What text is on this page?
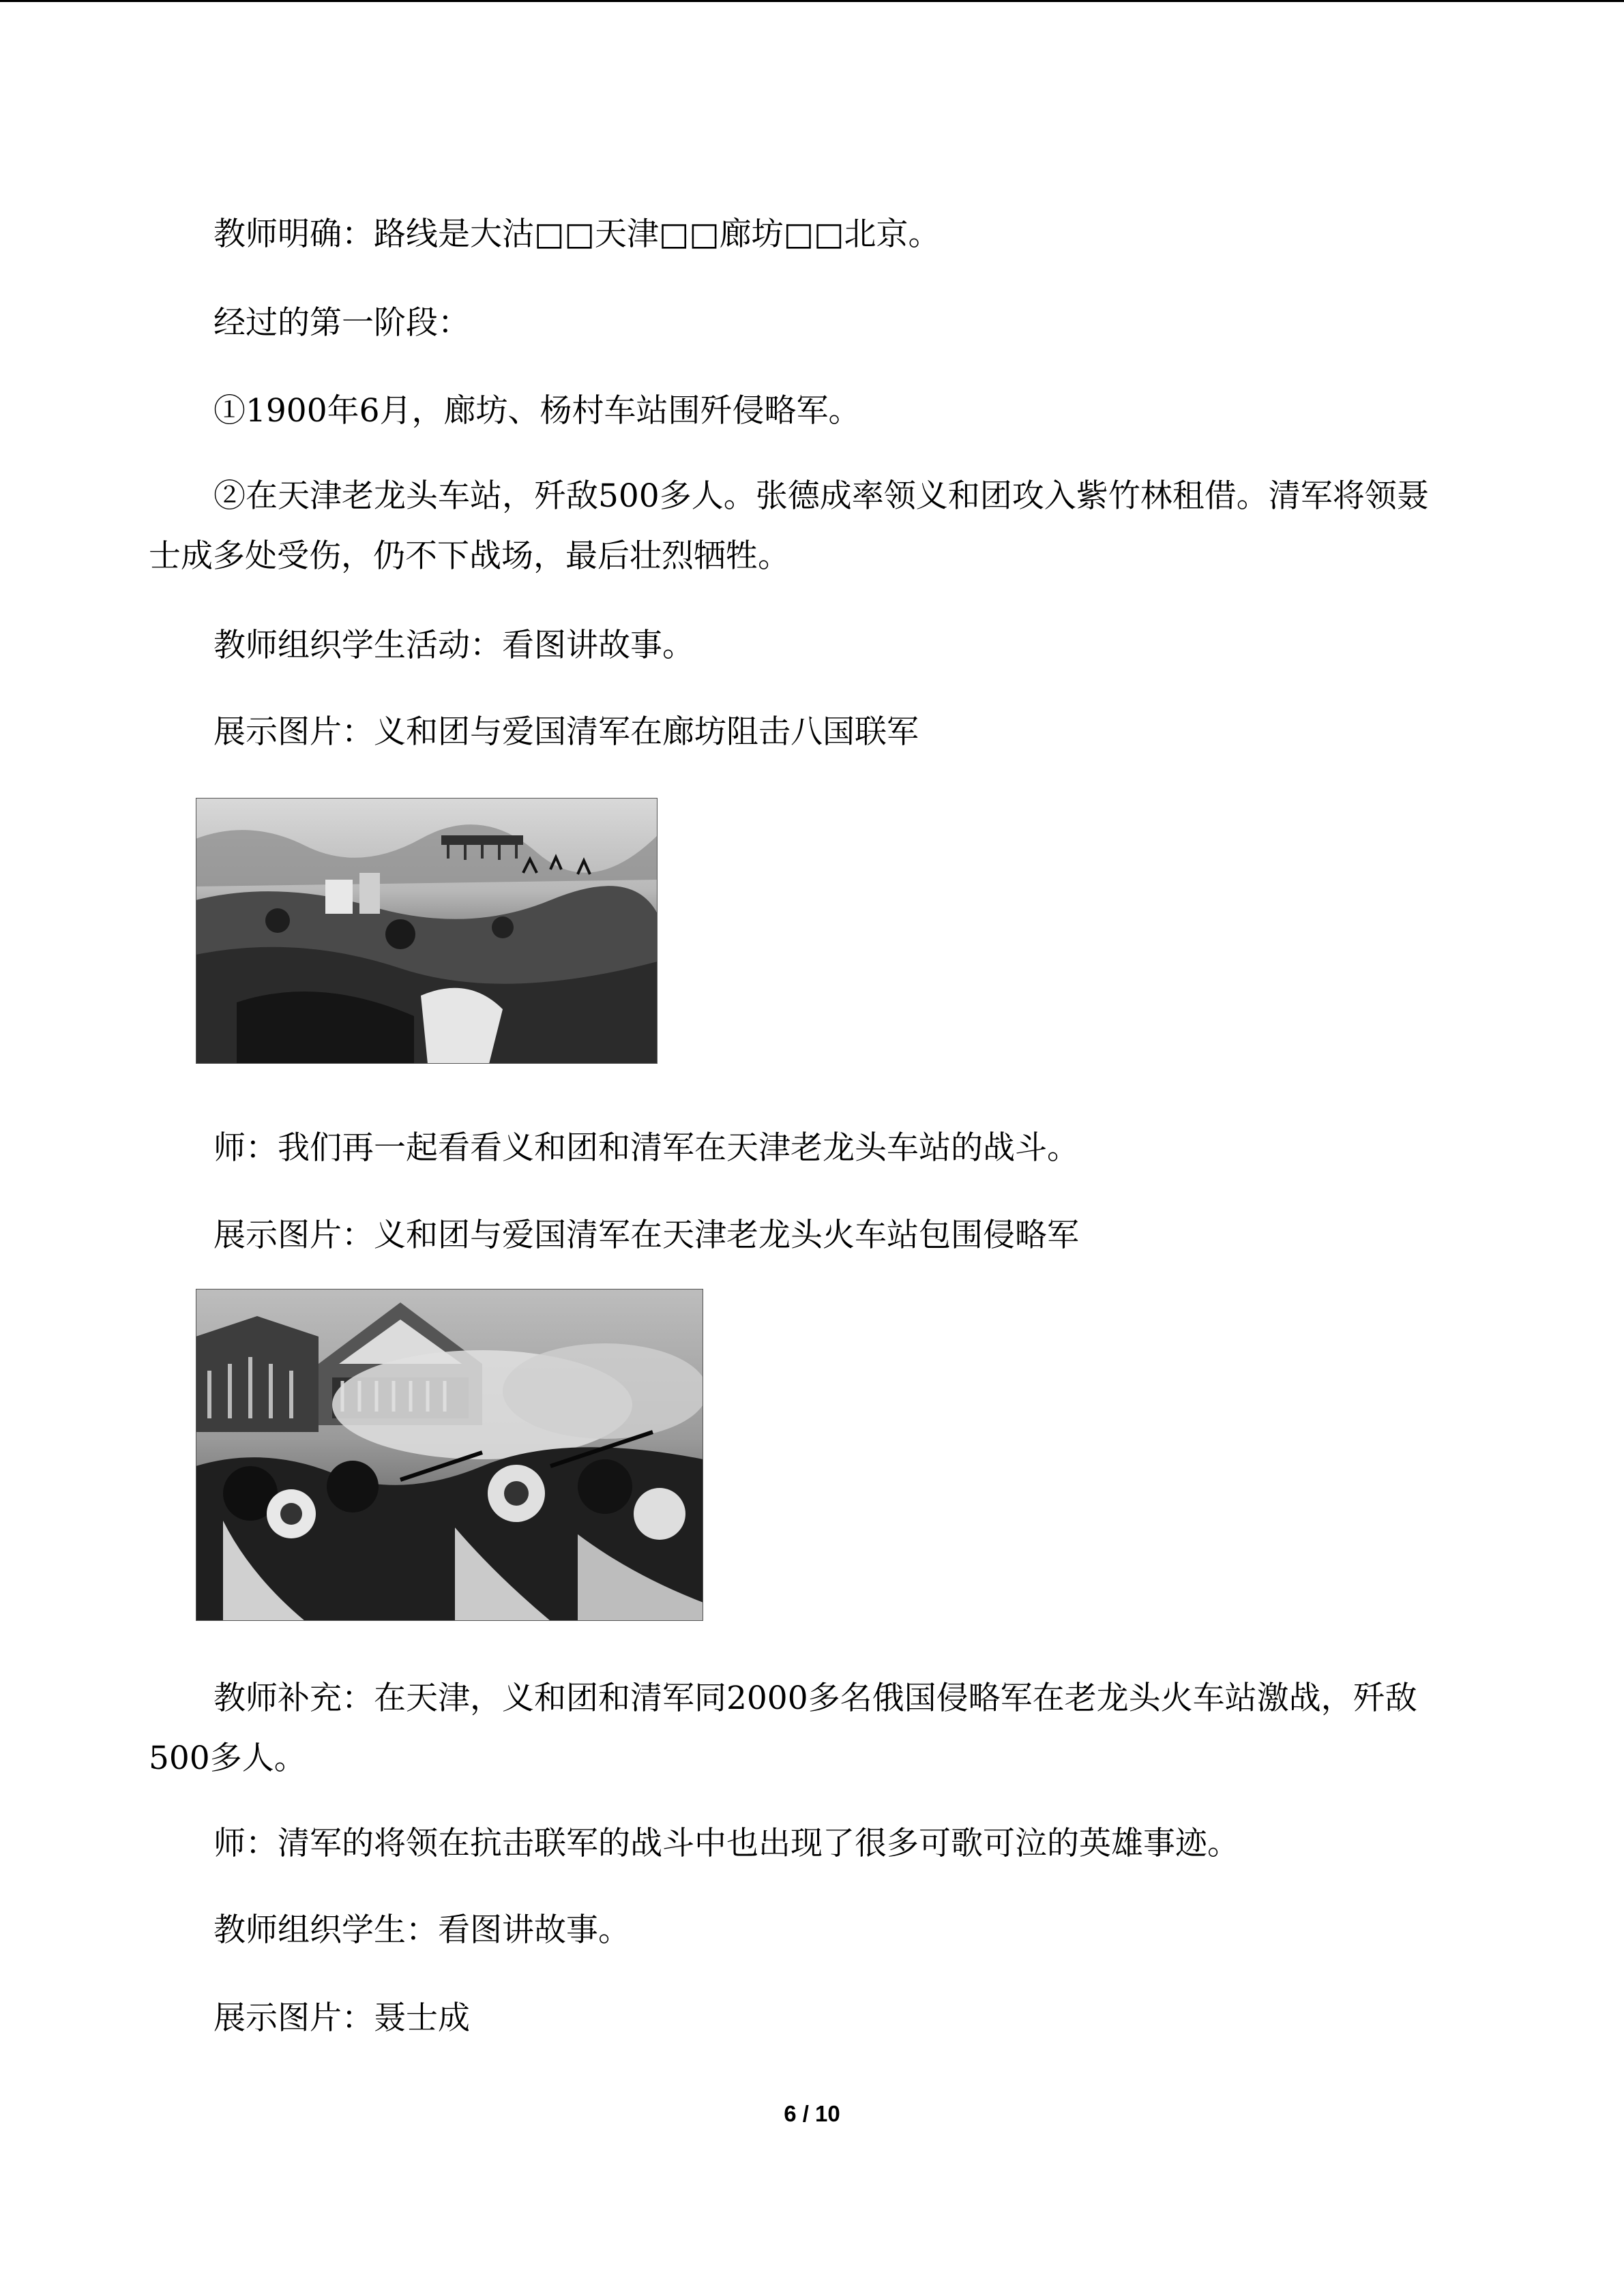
教师明确：路线是大沽□□天津□□廊坊□□北京。
经过的第一阶段：
①1900年6月，廊坊、杨村车站围歼侵略军。
②在天津老龙头车站，歼敌500多人。张德成率领义和团攻入紫竹林租借。清军将领聂士成多处受伤，仍不下战场，最后壮烈牺牲。
教师组织学生活动：看图讲故事。
展示图片：义和团与爱国清军在廊坊阻击八国联军
师：我们再一起看看义和团和清军在天津老龙头车站的战斗。
展示图片：义和团与爱国清军在天津老龙头火车站包围侵略军
教师补充：在天津，义和团和清军同2000多名俄国侵略军在老龙头火车站激战，歼敌500多人。
师：清军的将领在抗击联军的战斗中也出现了很多可歌可泣的英雄事迹。
教师组织学生：看图讲故事。
展示图片：聂士成
6 / 10
